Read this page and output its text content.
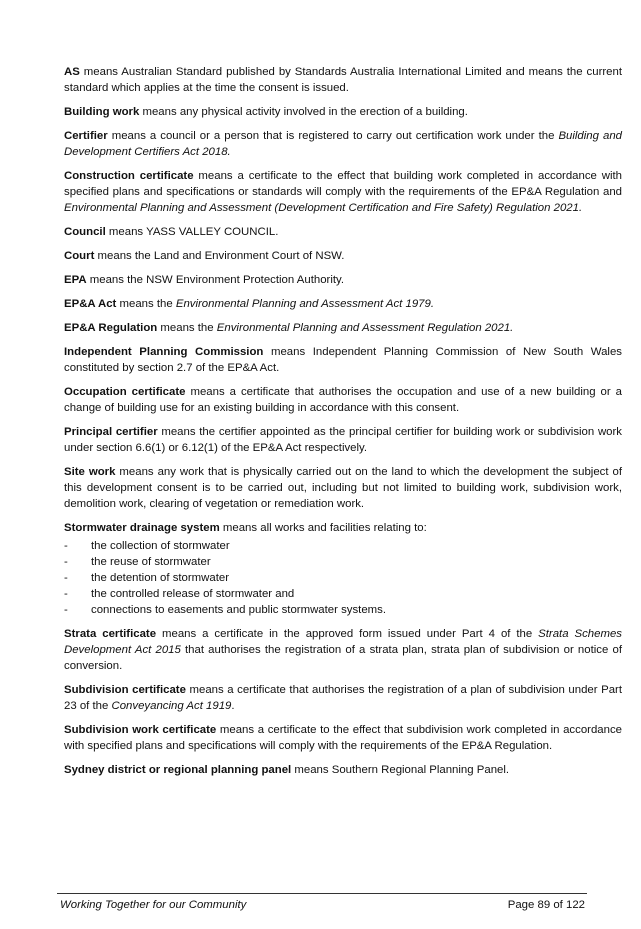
AS means Australian Standard published by Standards Australia International Limited and means the current standard which applies at the time the consent is issued.

Building work means any physical activity involved in the erection of a building.

Certifier means a council or a person that is registered to carry out certification work under the Building and Development Certifiers Act 2018.

Construction certificate means a certificate to the effect that building work completed in accordance with specified plans and specifications or standards will comply with the requirements of the EP&A Regulation and Environmental Planning and Assessment (Development Certification and Fire Safety) Regulation 2021.

Council means YASS VALLEY COUNCIL.

Court means the Land and Environment Court of NSW.

EPA means the NSW Environment Protection Authority.

EP&A Act means the Environmental Planning and Assessment Act 1979.

EP&A Regulation means the Environmental Planning and Assessment Regulation 2021.

Independent Planning Commission means Independent Planning Commission of New South Wales constituted by section 2.7 of the EP&A Act.

Occupation certificate means a certificate that authorises the occupation and use of a new building or a change of building use for an existing building in accordance with this consent.

Principal certifier means the certifier appointed as the principal certifier for building work or subdivision work under section 6.6(1) or 6.12(1) of the EP&A Act respectively.

Site work means any work that is physically carried out on the land to which the development the subject of this development consent is to be carried out, including but not limited to building work, subdivision work, demolition work, clearing of vegetation or remediation work.

Stormwater drainage system means all works and facilities relating to:

- the collection of stormwater
- the reuse of stormwater
- the detention of stormwater
- the controlled release of stormwater and
- connections to easements and public stormwater systems.

Strata certificate means a certificate in the approved form issued under Part 4 of the Strata Schemes Development Act 2015 that authorises the registration of a strata plan, strata plan of subdivision or notice of conversion.

Subdivision certificate means a certificate that authorises the registration of a plan of subdivision under Part 23 of the Conveyancing Act 1919.

Subdivision work certificate means a certificate to the effect that subdivision work completed in accordance with specified plans and specifications will comply with the requirements of the EP&A Regulation.

Sydney district or regional planning panel means Southern Regional Planning Panel.

Working Together for our Community	Page 89 of 122
